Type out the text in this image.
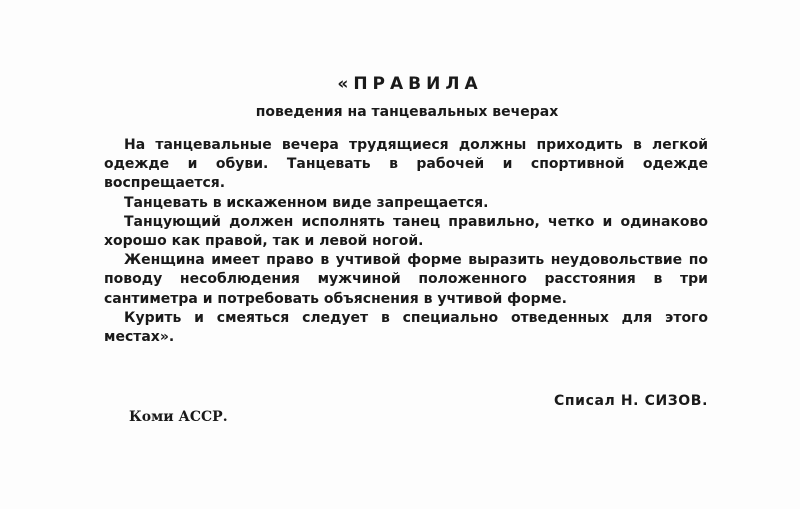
«ПРАВИЛА
поведения на танцевальных вечерах

На танцевальные вечера трудящиеся должны приходить в легкой одежде и обуви. Танцевать в рабочей и спортивной одежде воспрещается.

Танцевать в искаженном виде запрещается.

Танцующий должен исполнять танец правильно, четко и одинаково хорошо как правой, так и левой ногой.

Женщина имеет право в учтивой форме выразить неудовольствие по поводу несоблюдения мужчиной положенного расстояния в три сантиметра и потребовать объяснения в учтивой форме.

Курить и смеяться следует в специально отведенных для этого местах».

Списал Н. СИЗОВ.
Коми АССР.
